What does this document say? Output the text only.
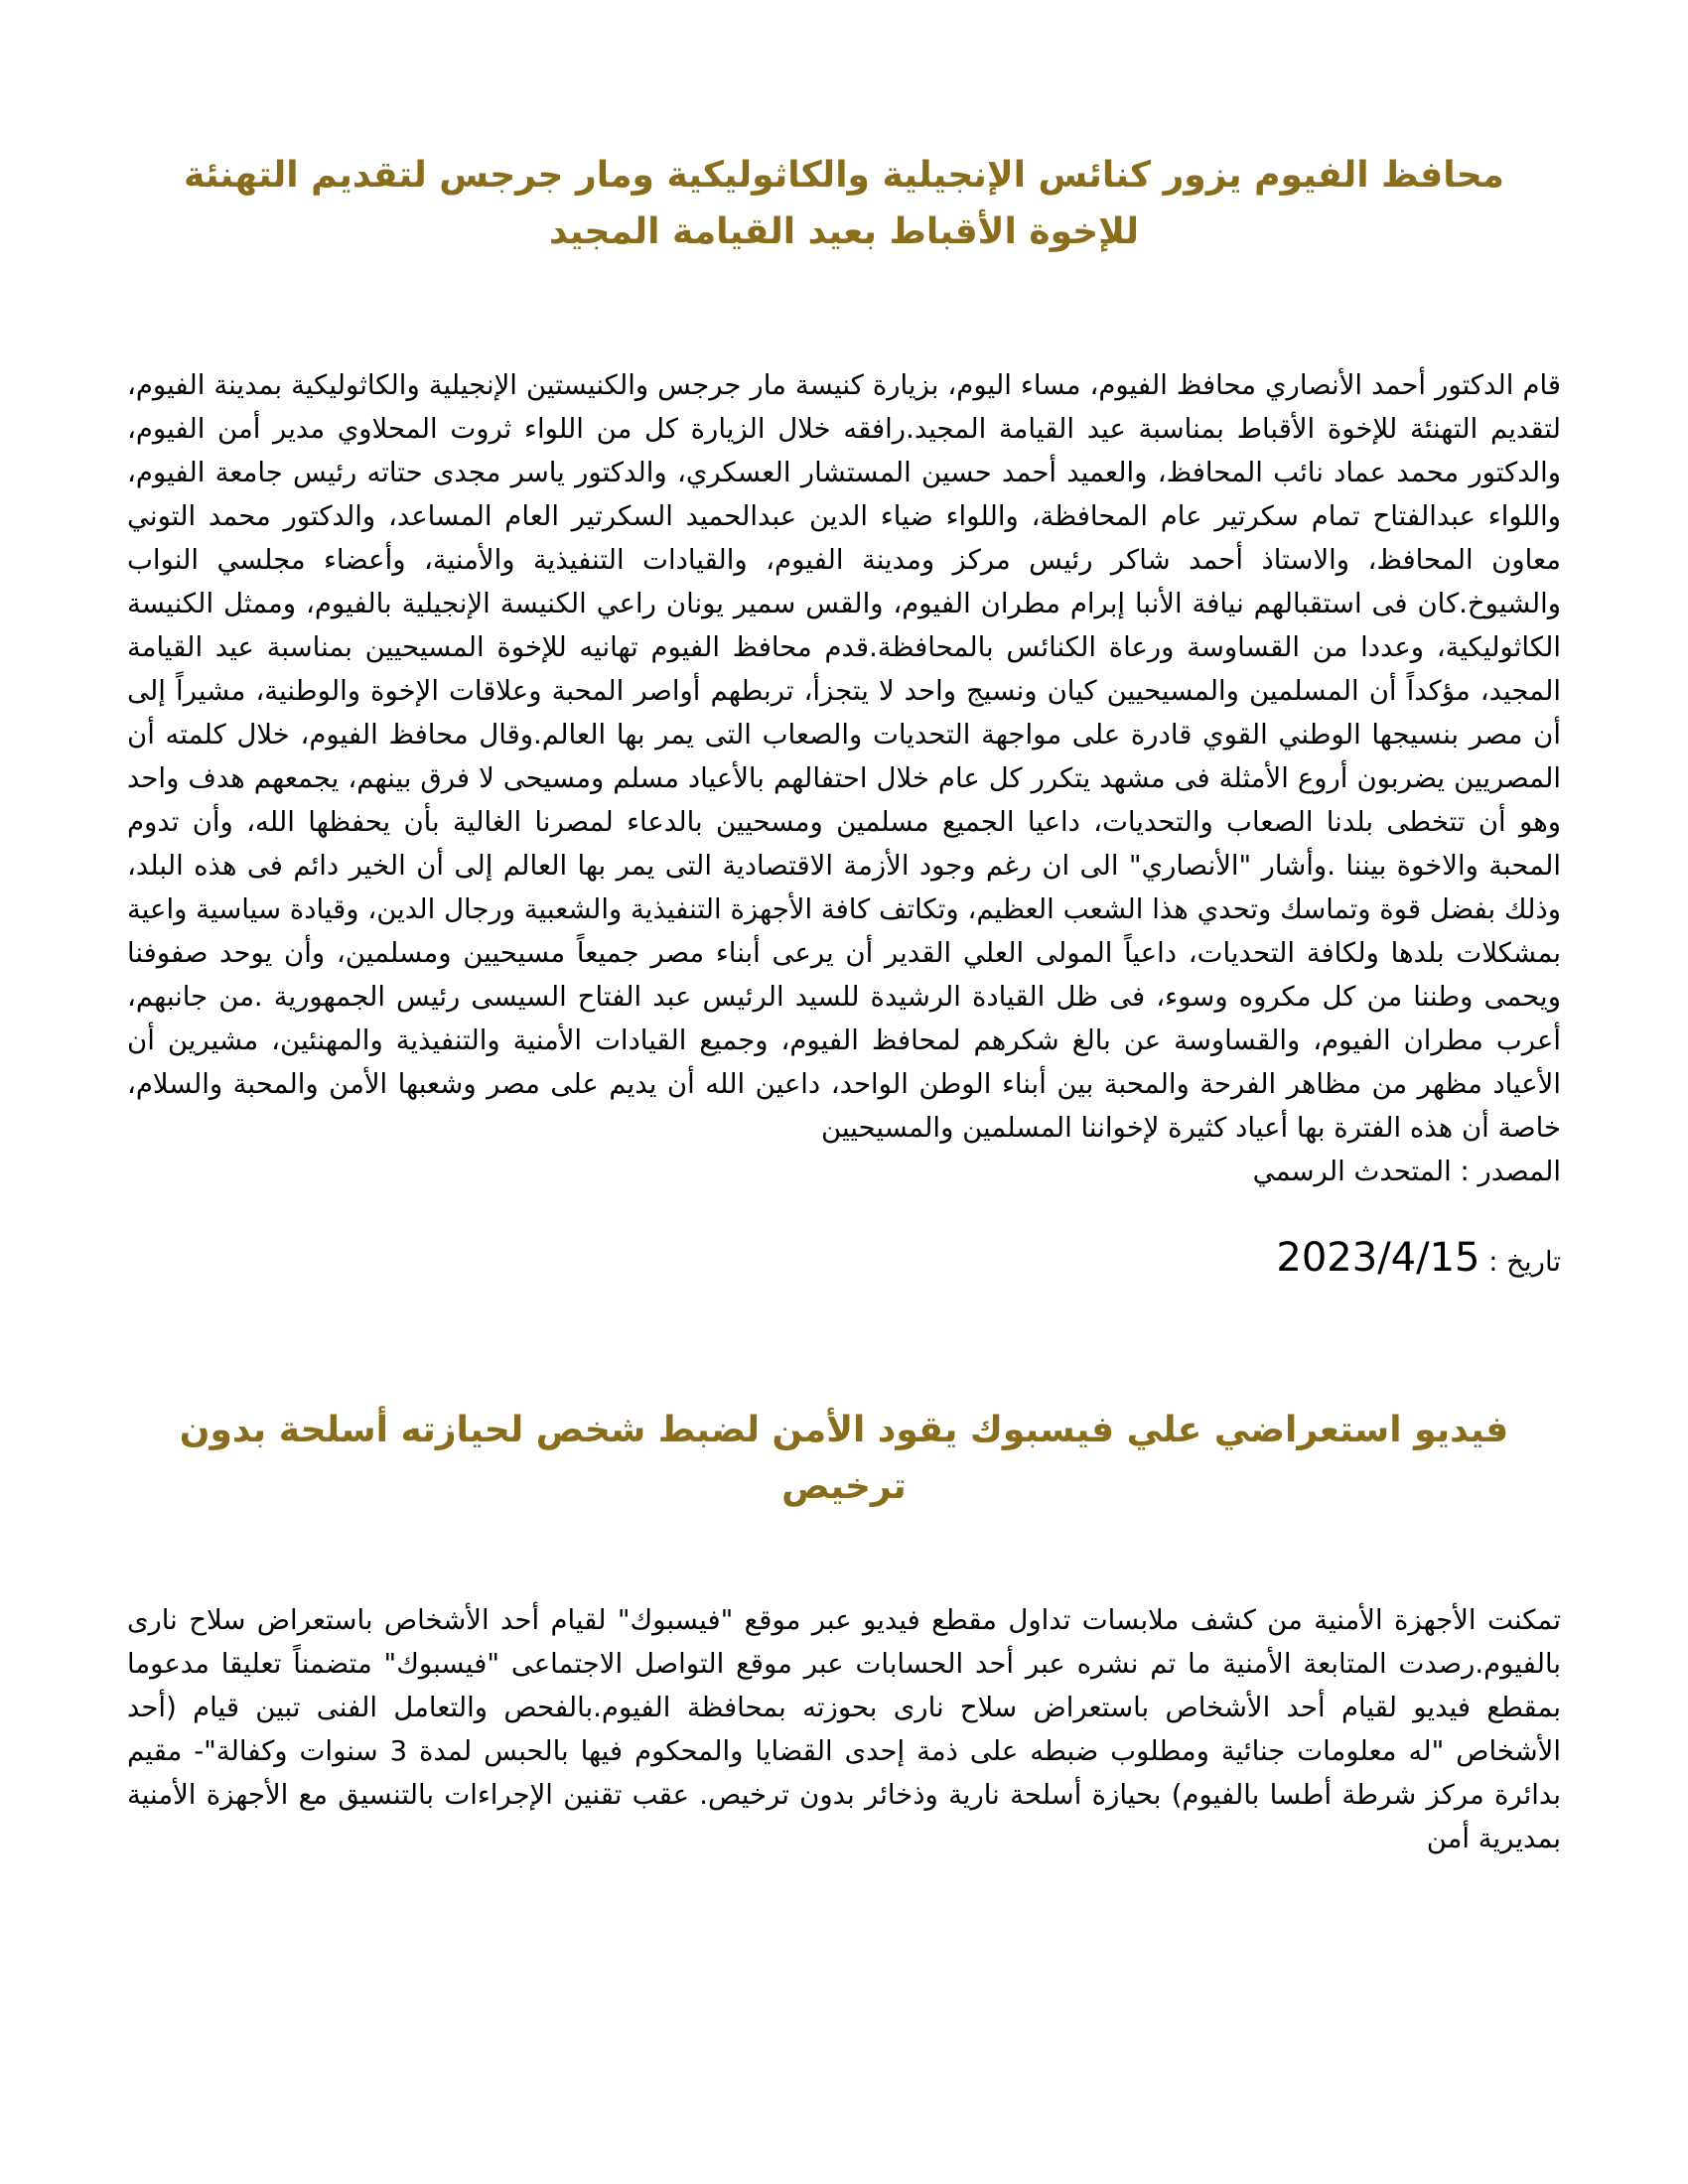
محافظ الفيوم يزور كنائس الإنجيلية والكاثوليكية ومار جرجس لتقديم التهنئة للإخوة الأقباط بعيد القيامة المجيد

قام الدكتور أحمد الأنصاري محافظ الفيوم، مساء اليوم، بزيارة كنيسة مار جرجس والكنيستين الإنجيلية والكاثوليكية بمدينة الفيوم، لتقديم التهنئة للإخوة الأقباط بمناسبة عيد القيامة المجيد.رافقه خلال الزيارة كل من اللواء ثروت المحلاوي مدير أمن الفيوم، والدكتور محمد عماد نائب المحافظ، والعميد أحمد حسين المستشار العسكري، والدكتور ياسر مجدى حتاته رئيس جامعة الفيوم، واللواء عبدالفتاح تمام سكرتير عام المحافظة، واللواء ضياء الدين عبدالحميد السكرتير العام المساعد، والدكتور محمد التوني معاون المحافظ، والاستاذ أحمد شاكر رئيس مركز ومدينة الفيوم، والقيادات التنفيذية والأمنية، وأعضاء مجلسي النواب والشيوخ.كان فى استقبالهم نيافة الأنبا إبرام مطران الفيوم، والقس سمير يونان راعي الكنيسة الإنجيلية بالفيوم، وممثل الكنيسة الكاثوليكية، وعددا من القساوسة ورعاة الكنائس بالمحافظة.قدم محافظ الفيوم تهانيه للإخوة المسيحيين بمناسبة عيد القيامة المجيد، مؤكداً أن المسلمين والمسيحيين كيان ونسيج واحد لا يتجزأ، تربطهم أواصر المحبة وعلاقات الإخوة والوطنية، مشيراً إلى أن مصر بنسيجها الوطني القوي قادرة على مواجهة التحديات والصعاب التى يمر بها العالم.وقال محافظ الفيوم، خلال كلمته أن المصريين يضربون أروع الأمثلة فى مشهد يتكرر كل عام خلال احتفالهم بالأعياد مسلم ومسيحى لا فرق بينهم، يجمعهم هدف واحد وهو أن تتخطى بلدنا الصعاب والتحديات، داعيا الجميع مسلمين ومسحيين بالدعاء لمصرنا الغالية بأن يحفظها الله، وأن تدوم المحبة والاخوة بيننا .وأشار "الأنصاري" الى ان رغم وجود الأزمة الاقتصادية التى يمر بها العالم إلى أن الخير دائم فى هذه البلد، وذلك بفضل قوة وتماسك وتحدي هذا الشعب العظيم، وتكاتف كافة الأجهزة التنفيذية والشعبية ورجال الدين، وقيادة سياسية واعية بمشكلات بلدها ولكافة التحديات، داعياً المولى العلي القدير أن يرعى أبناء مصر جميعاً مسيحيين ومسلمين، وأن يوحد صفوفنا ويحمى وطننا من كل مكروه وسوء، فى ظل القيادة الرشيدة للسيد الرئيس عبد الفتاح السيسى رئيس الجمهورية .من جانبهم، أعرب مطران الفيوم، والقساوسة عن بالغ شكرهم لمحافظ الفيوم، وجميع القيادات الأمنية والتنفيذية والمهنئين، مشيرين أن الأعياد مظهر من مظاهر الفرحة والمحبة بين أبناء الوطن الواحد، داعين الله أن يديم على مصر وشعبها الأمن والمحبة والسلام، خاصة أن هذه الفترة بها أعياد كثيرة لإخواننا المسلمين والمسيحيين

المصدر : المتحدث الرسمي
تاريخ : 2023/4/15
فيديو استعراضي علي فيسبوك يقود الأمن لضبط شخص لحيازته أسلحة بدون ترخيص

تمكنت الأجهزة الأمنية من كشف ملابسات تداول مقطع فيديو عبر موقع "فيسبوك" لقيام أحد الأشخاص باستعراض سلاح نارى بالفيوم.رصدت المتابعة الأمنية ما تم نشره عبر أحد الحسابات عبر موقع التواصل الاجتماعى "فيسبوك" متضمناً تعليقا مدعوما بمقطع فيديو لقيام أحد الأشخاص باستعراض سلاح نارى بحوزته بمحافظة الفيوم.بالفحص والتعامل الفنى تبين قيام (أحد الأشخاص "له معلومات جنائية ومطلوب ضبطه على ذمة إحدى القضايا والمحكوم فيها بالحبس لمدة 3 سنوات وكفالة"- مقيم بدائرة مركز شرطة أطسا بالفيوم) بحيازة أسلحة نارية وذخائر بدون ترخيص. عقب تقنين الإجراءات بالتنسيق مع الأجهزة الأمنية بمديرية أمن
